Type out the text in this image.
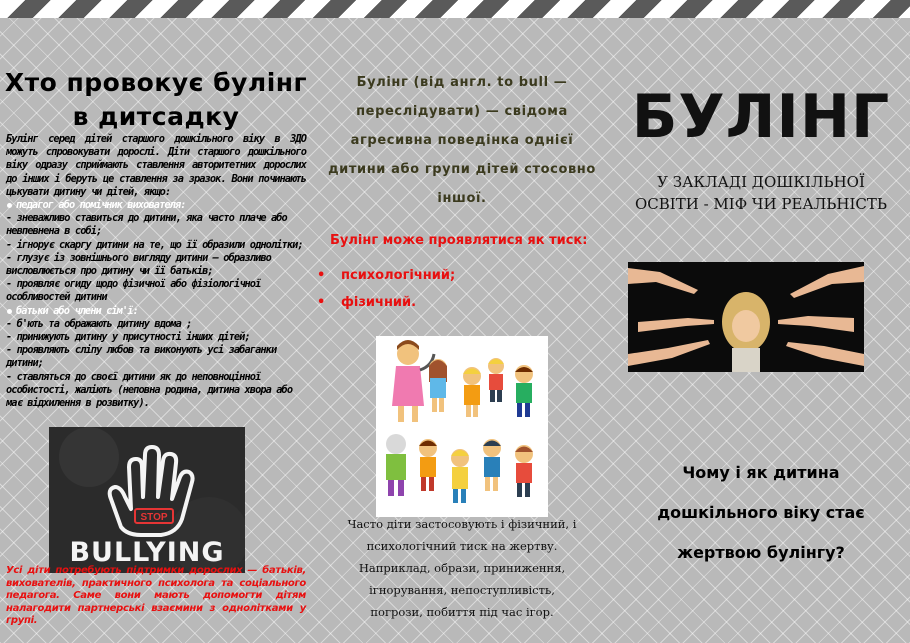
Хто провокує булінг
в дитсадку
Булінг серед дітей старшого дошкільного віку в ЗДО можуть спровокувати дорослі. Діти старшого дошкільного віку одразу сприймають ставлення авторитетних дорослих до інших і беруть це ставлення за зразок. Вони починають цькувати дитину чи дітей, якщо:
педагог або помічник вихователя:
- зневажливо ставиться до дитини, яка часто плаче або невпевнена в собі;
- ігнорує скаргу дитини на те, що її образили однолітки;
- глузує із зовнішнього вигляду дитини – образливо висловлюється про дитину чи її батьків;
- проявляє огиду щодо фізичної або фізіологічної особливостей дитини
батьки або члени сім'ї:
- б'ють та ображають дитину вдома ;
- принижують дитину у присутності інших дітей;
- проявляють сліпу любов та виконують усі забаганки дитини;
- ставляться до своєї дитини як до неповноцінної особистості, жаліють (неповна родина, дитина хвора або має відхилення в розвитку).
STOP
BULLYING
Усі діти потребують підтримки дорослих — батьків, вихователів, практичного психолога та соціального педагога. Саме вони мають допомогти дітям налагодити партнерські взаємини з однолітками у групі.
Булінг (від англ. to bull —
переслідувати) — свідома
агресивна поведінка однієї
дитини або групи дітей стосовно
іншої.
Булінг може проявлятися як тиск:
• психологічний;
• фізичний.
Часто діти застосовують і фізичний, і
психологічний тиск на жертву.
Наприклад, образи, приниження,
ігнорування, непоступливість,
погрози, побиття під час ігор.
БУЛІНГ
У ЗАКЛАДІ ДОШКІЛЬНОЇ
ОСВІТИ - МІФ ЧИ РЕАЛЬНІСТЬ
Чому і як дитина
дошкільного віку стає
жертвою булінгу?
